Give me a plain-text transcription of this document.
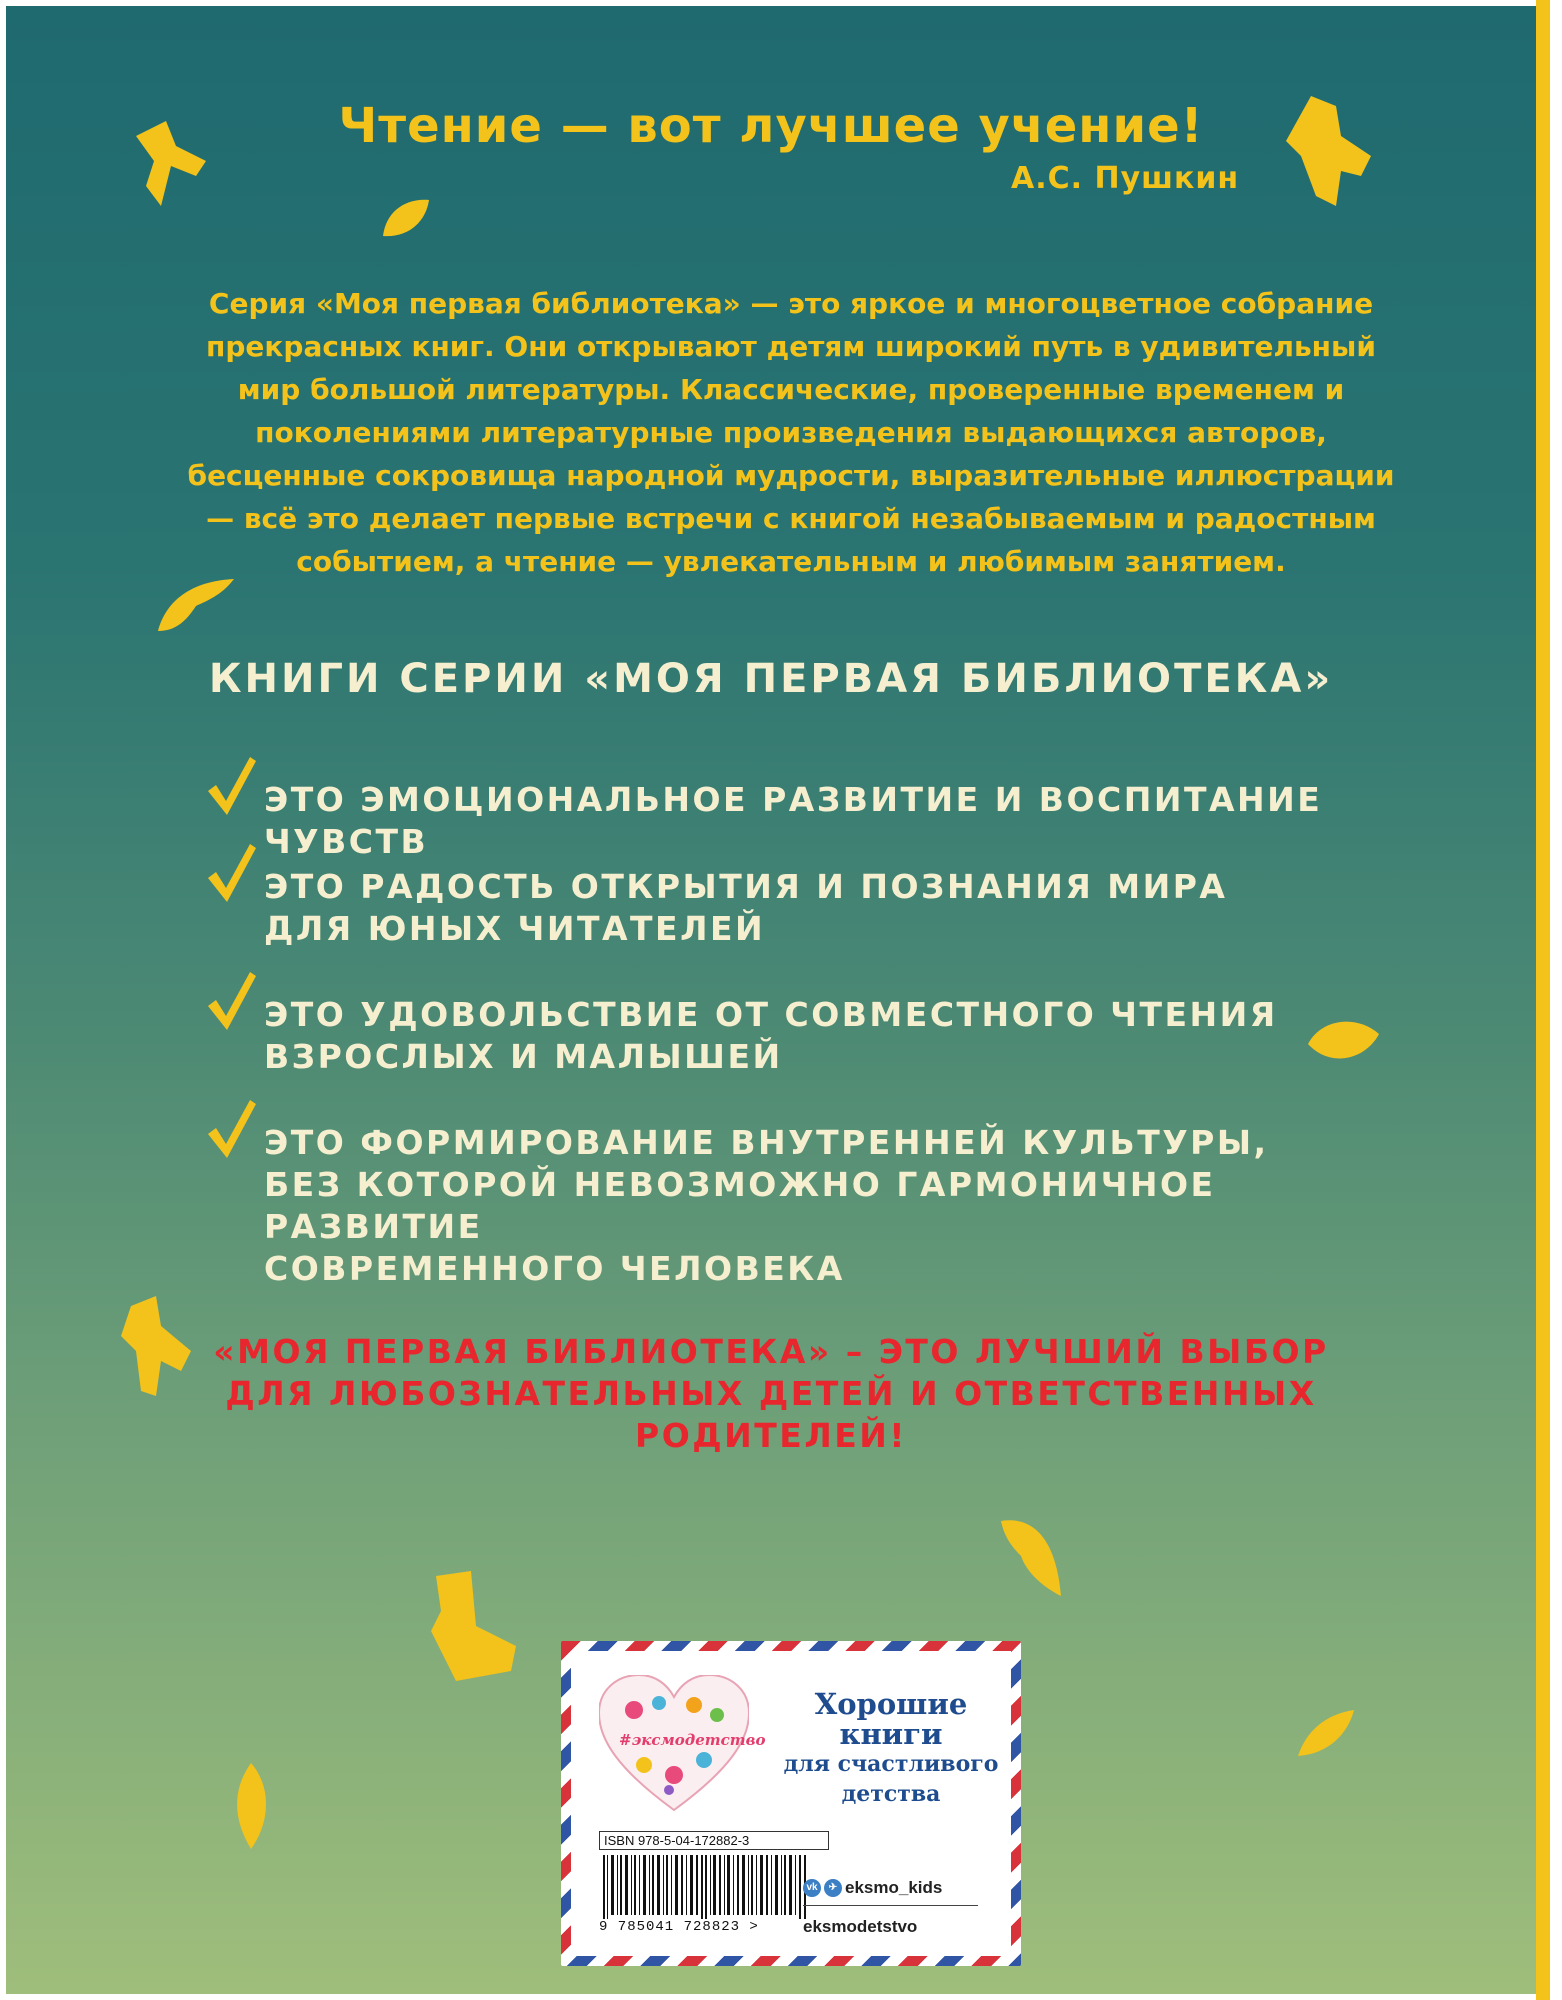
Чтение — вот лучшее учение!

А.С. Пушкин

Серия «Моя первая библиотека» — это яркое и многоцветное собрание прекрасных книг. Они открывают детям широкий путь в удивительный мир большой литературы. Классические, проверенные временем и поколениями литературные произведения выдающихся авторов, бесценные сокровища народной мудрости, выразительные иллюстрации — всё это делает первые встречи с книгой незабываемым и радостным событием, а чтение — увлекательным и любимым занятием.

КНИГИ СЕРИИ «МОЯ ПЕРВАЯ БИБЛИОТЕКА»
ЭТО ЭМОЦИОНАЛЬНОЕ РАЗВИТИЕ И ВОСПИТАНИЕ ЧУВСТВ
ЭТО РАДОСТЬ ОТКРЫТИЯ И ПОЗНАНИЯ МИРА
ДЛЯ ЮНЫХ ЧИТАТЕЛЕЙ
ЭТО УДОВОЛЬСТВИЕ ОТ СОВМЕСТНОГО ЧТЕНИЯ
ВЗРОСЛЫХ И МАЛЫШЕЙ
ЭТО ФОРМИРОВАНИЕ ВНУТРЕННЕЙ КУЛЬТУРЫ,
БЕЗ КОТОРОЙ НЕВОЗМОЖНО ГАРМОНИЧНОЕ РАЗВИТИЕ
СОВРЕМЕННОГО ЧЕЛОВЕКА

«МОЯ ПЕРВАЯ БИБЛИОТЕКА» – ЭТО ЛУЧШИЙ ВЫБОР ДЛЯ ЛЮБОЗНАТЕЛЬНЫХ ДЕТЕЙ И ОТВЕТСТВЕННЫХ РОДИТЕЛЕЙ!

#эксмодетство
Хорошие
книги
для счастливого
детства
ISBN 978-5-04-172882-3
9 785041 728823 >
vk	✈ eksmo_kids
eksmodetstvo
